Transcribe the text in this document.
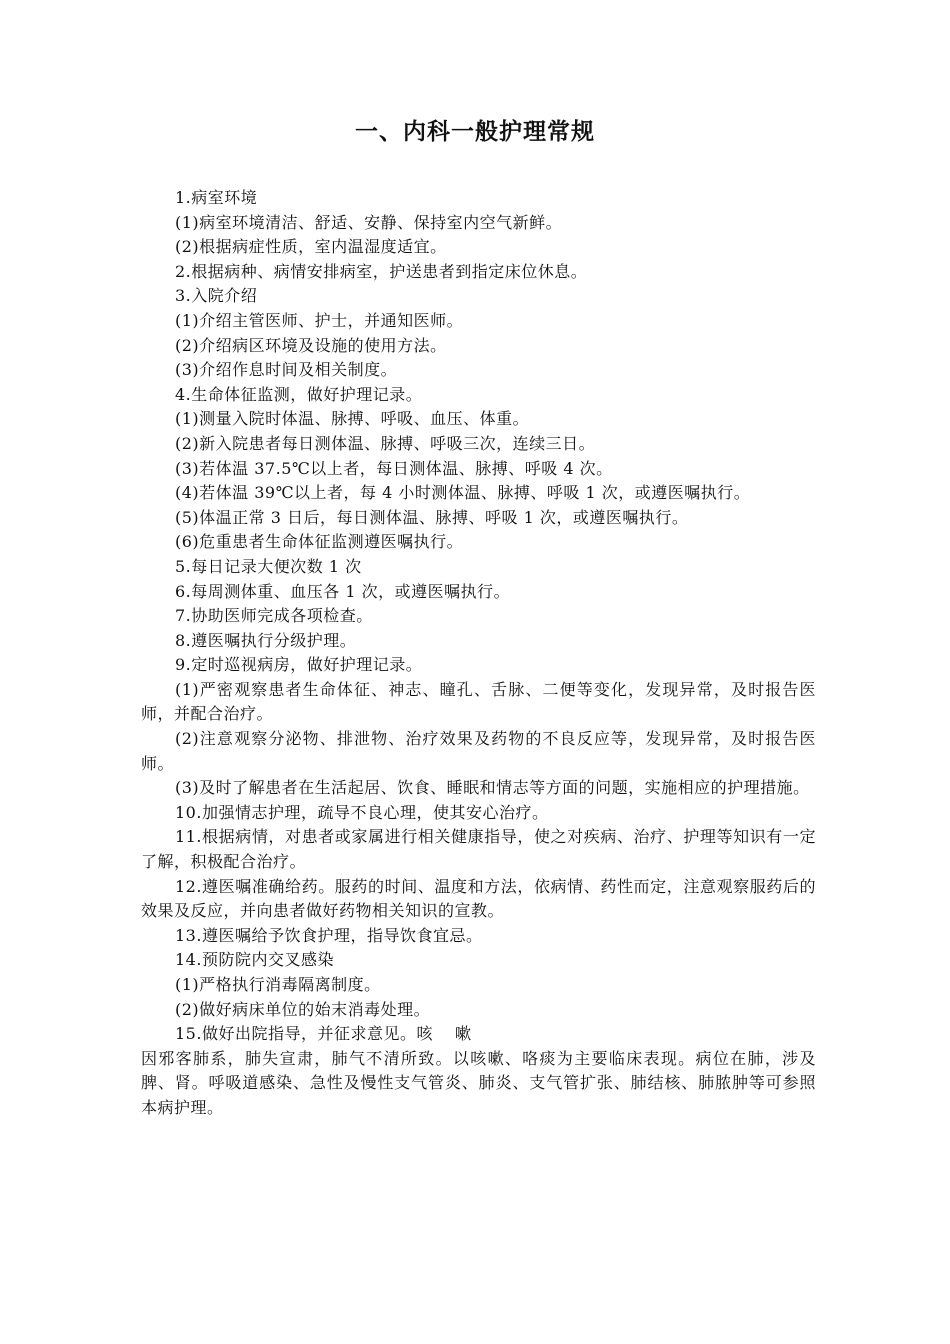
一、内科一般护理常规

1.病室环境

(1)病室环境清洁、舒适、安静、保持室内空气新鲜。

(2)根据病症性质，室内温湿度适宜。

2.根据病种、病情安排病室，护送患者到指定床位休息。

3.入院介绍

(1)介绍主管医师、护士，并通知医师。

(2)介绍病区环境及设施的使用方法。

(3)介绍作息时间及相关制度。

4.生命体征监测，做好护理记录。

(1)测量入院时体温、脉搏、呼吸、血压、体重。

(2)新入院患者每日测体温、脉搏、呼吸三次，连续三日。

(3)若体温 37.5℃以上者，每日测体温、脉搏、呼吸 4 次。

(4)若体温 39℃以上者，每 4 小时测体温、脉搏、呼吸 1 次，或遵医嘱执行。

(5)体温正常 3 日后，每日测体温、脉搏、呼吸 1 次，或遵医嘱执行。

(6)危重患者生命体征监测遵医嘱执行。

5.每日记录大便次数 1 次

6.每周测体重、血压各 1 次，或遵医嘱执行。

7.协助医师完成各项检查。

8.遵医嘱执行分级护理。

9.定时巡视病房，做好护理记录。

(1)严密观察患者生命体征、神志、瞳孔、舌脉、二便等变化，发现异常，及时报告医师，并配合治疗。

(2)注意观察分泌物、排泄物、治疗效果及药物的不良反应等，发现异常，及时报告医师。

(3)及时了解患者在生活起居、饮食、睡眠和情志等方面的问题，实施相应的护理措施。

10.加强情志护理，疏导不良心理，使其安心治疗。

11.根据病情，对患者或家属进行相关健康指导，使之对疾病、治疗、护理等知识有一定了解，积极配合治疗。

12.遵医嘱准确给药。服药的时间、温度和方法，依病情、药性而定，注意观察服药后的效果及反应，并向患者做好药物相关知识的宣教。

13.遵医嘱给予饮食护理，指导饮食宜忌。

14.预防院内交叉感染

(1)严格执行消毒隔离制度。

(2)做好病床单位的始末消毒处理。

15.做好出院指导，并征求意见。咳　 嗽

因邪客肺系，肺失宣肃，肺气不清所致。以咳嗽、咯痰为主要临床表现。病位在肺，涉及脾、肾。呼吸道感染、急性及慢性支气管炎、肺炎、支气管扩张、肺结核、肺脓肿等可参照本病护理。
